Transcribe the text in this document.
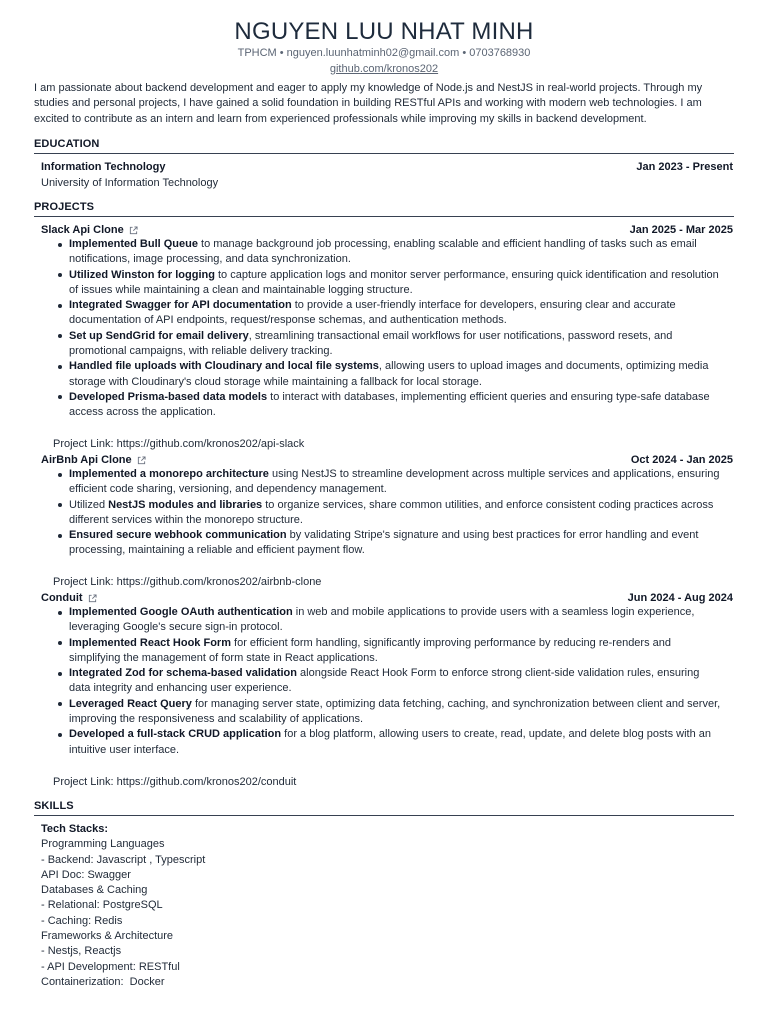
NGUYEN LUU NHAT MINH
TPHCM • nguyen.luunhatminh02@gmail.com • 0703768930
github.com/kronos202
I am passionate about backend development and eager to apply my knowledge of Node.js and NestJS in real-world projects. Through my studies and personal projects, I have gained a solid foundation in building RESTful APIs and working with modern web technologies. I am excited to contribute as an intern and learn from experienced professionals while improving my skills in backend development.
EDUCATION
Information Technology	Jan 2023 - Present
University of Information Technology
PROJECTS
Slack Api Clone	Jan 2025 - Mar 2025
Implemented Bull Queue to manage background job processing, enabling scalable and efficient handling of tasks such as email notifications, image processing, and data synchronization.
Utilized Winston for logging to capture application logs and monitor server performance, ensuring quick identification and resolution of issues while maintaining a clean and maintainable logging structure.
Integrated Swagger for API documentation to provide a user-friendly interface for developers, ensuring clear and accurate documentation of API endpoints, request/response schemas, and authentication methods.
Set up SendGrid for email delivery, streamlining transactional email workflows for user notifications, password resets, and promotional campaigns, with reliable delivery tracking.
Handled file uploads with Cloudinary and local file systems, allowing users to upload images and documents, optimizing media storage with Cloudinary's cloud storage while maintaining a fallback for local storage.
Developed Prisma-based data models to interact with databases, implementing efficient queries and ensuring type-safe database access across the application.
Project Link: https://github.com/kronos202/api-slack
AirBnb Api Clone	Oct 2024 - Jan 2025
Implemented a monorepo architecture using NestJS to streamline development across multiple services and applications, ensuring efficient code sharing, versioning, and dependency management.
Utilized NestJS modules and libraries to organize services, share common utilities, and enforce consistent coding practices across different services within the monorepo structure.
Ensured secure webhook communication by validating Stripe's signature and using best practices for error handling and event processing, maintaining a reliable and efficient payment flow.
Project Link: https://github.com/kronos202/airbnb-clone
Conduit	Jun 2024 - Aug 2024
Implemented Google OAuth authentication in web and mobile applications to provide users with a seamless login experience, leveraging Google's secure sign-in protocol.
Implemented React Hook Form for efficient form handling, significantly improving performance by reducing re-renders and simplifying the management of form state in React applications.
Integrated Zod for schema-based validation alongside React Hook Form to enforce strong client-side validation rules, ensuring data integrity and enhancing user experience.
Leveraged React Query for managing server state, optimizing data fetching, caching, and synchronization between client and server, improving the responsiveness and scalability of applications.
Developed a full-stack CRUD application for a blog platform, allowing users to create, read, update, and delete blog posts with an intuitive user interface.
Project Link: https://github.com/kronos202/conduit
SKILLS
Tech Stacks:
Programming Languages
- Backend: Javascript , Typescript
API Doc: Swagger
Databases & Caching
- Relational: PostgreSQL
- Caching: Redis
Frameworks & Architecture
- Nestjs, Reactjs
- API Development: RESTful
Containerization:  Docker
